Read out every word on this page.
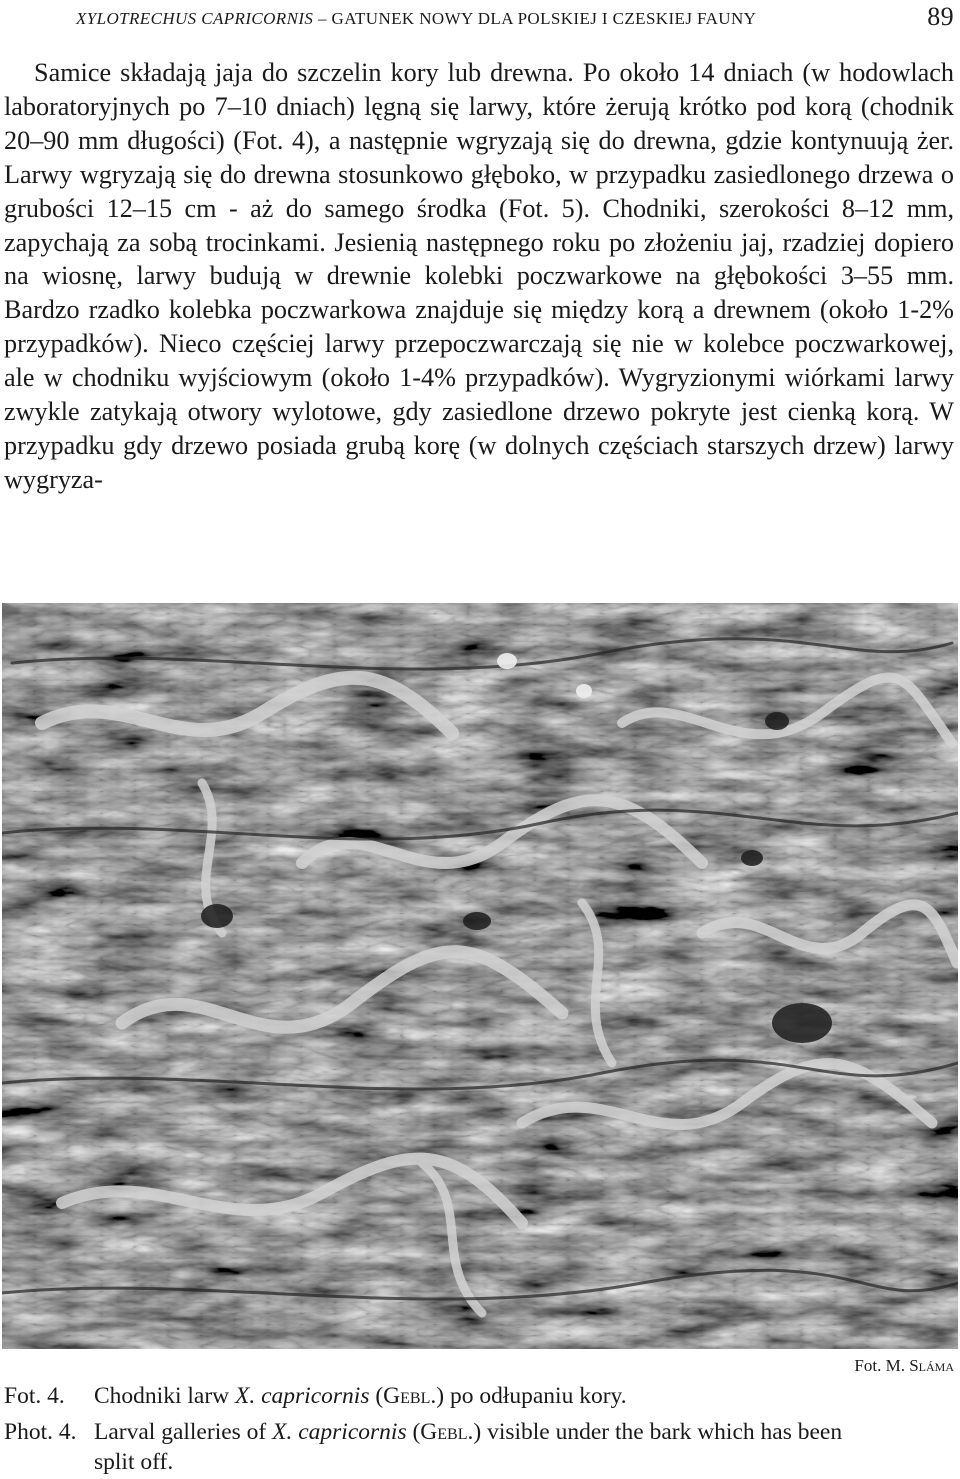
XYLOTRECHUS CAPRICORNIS – GATUNEK NOWY DLA POLSKIEJ I CZESKIEJ FAUNY	89

Samice składają jaja do szczelin kory lub drewna. Po około 14 dniach (w hodowlach laboratoryjnych po 7–10 dniach) lęgną się larwy, które żerują krótko pod korą (chodnik 20–90 mm długości) (Fot. 4), a następnie wgryzają się do drewna, gdzie kontynuują żer. Larwy wgryzają się do drewna stosunkowo głęboko, w przypadku zasiedlonego drzewa o grubości 12–15 cm - aż do samego środka (Fot. 5). Chodniki, szerokości 8–12 mm, zapychają za sobą trocinkami. Jesienią następnego roku po złożeniu jaj, rzadziej dopiero na wiosnę, larwy budują w drewnie kolebki poczwarkowe na głębokości 3–55 mm. Bardzo rzadko kolebka poczwarkowa znajduje się między korą a drewnem (około 1-2% przypadków). Nieco częściej larwy przepoczwarczają się nie w kolebce poczwarkowej, ale w chodniku wyjściowym (około 1-4% przypadków). Wygryzionymi wiórkami larwy zwykle zatykają otwory wylotowe, gdy zasiedlone drzewo pokryte jest cienką korą. W przypadku gdy drzewo posiada grubą korę (w dolnych częściach starszych drzew) larwy wygryza-

Fot. M. Sláma

Fot. 4. Chodniki larw X. capricornis (Gebl.) po odłupaniu kory.

Phot. 4. Larval galleries of X. capricornis (Gebl.) visible under the bark which has been
split off.
